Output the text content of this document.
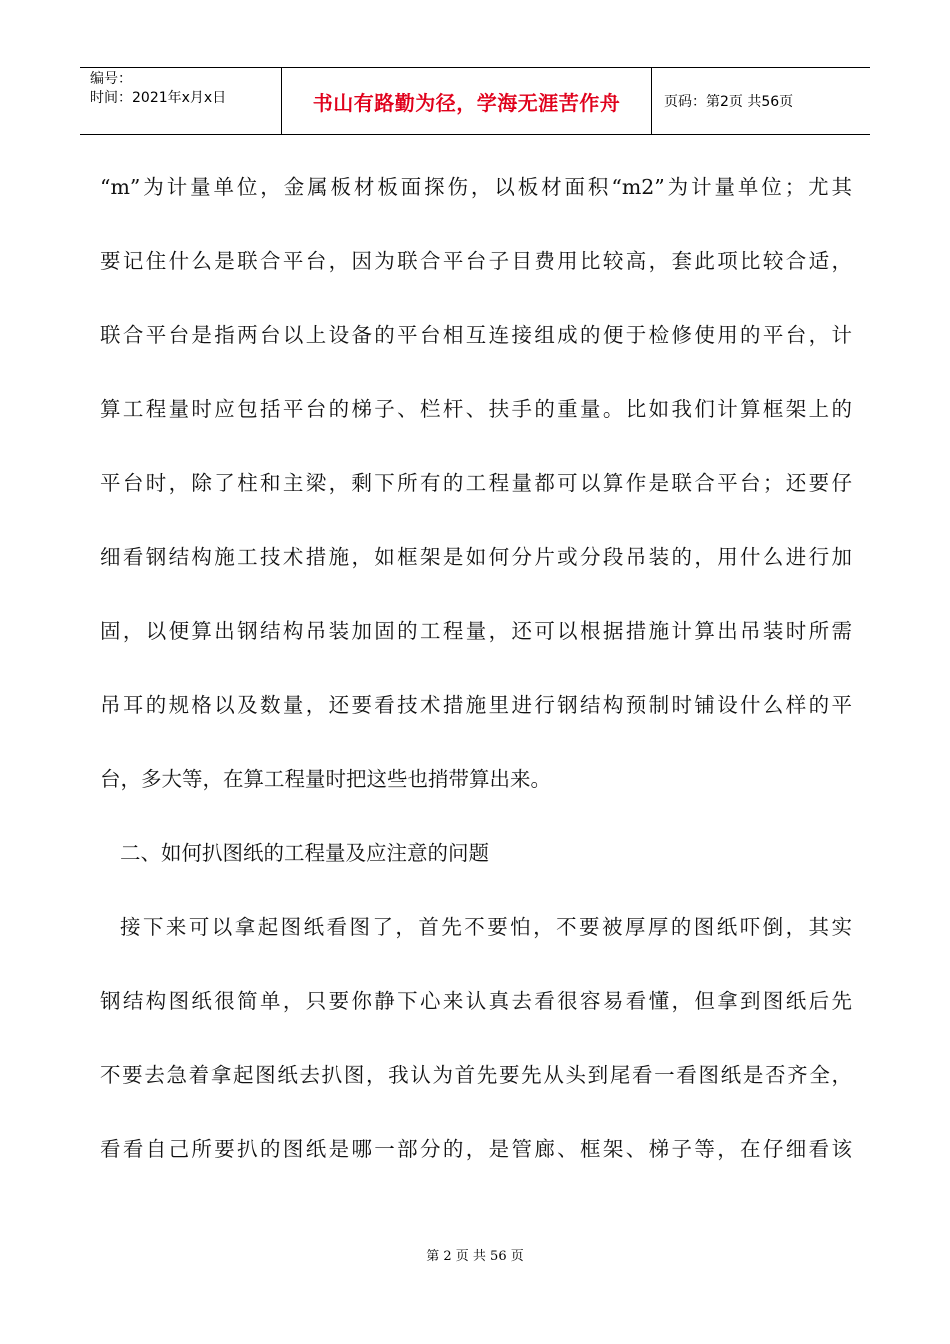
编号：
时间：2021年x月x日	书山有路勤为径，学海无涯苦作舟	页码：第2页 共56页
“m”为计量单位，金属板材板面探伤，以板材面积“m2”为计量单位；尤其
要记住什么是联合平台，因为联合平台子目费用比较高，套此项比较合适，
联合平台是指两台以上设备的平台相互连接组成的便于检修使用的平台，计
算工程量时应包括平台的梯子、栏杆、扶手的重量。比如我们计算框架上的
平台时，除了柱和主梁，剩下所有的工程量都可以算作是联合平台；还要仔
细看钢结构施工技术措施，如框架是如何分片或分段吊装的，用什么进行加
固，以便算出钢结构吊装加固的工程量，还可以根据措施计算出吊装时所需
吊耳的规格以及数量，还要看技术措施里进行钢结构预制时铺设什么样的平
台，多大等，在算工程量时把这些也捎带算出来。
二、如何扒图纸的工程量及应注意的问题
接下来可以拿起图纸看图了，首先不要怕，不要被厚厚的图纸吓倒，其实
钢结构图纸很简单，只要你静下心来认真去看很容易看懂，但拿到图纸后先
不要去急着拿起图纸去扒图，我认为首先要先从头到尾看一看图纸是否齐全，
看看自己所要扒的图纸是哪一部分的，是管廊、框架、梯子等，在仔细看该
第 2 页 共 56 页
